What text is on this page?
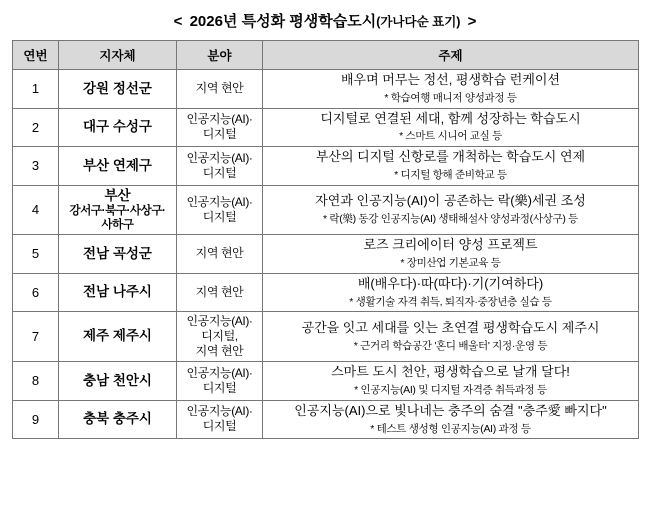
< 2026년 특성화 평생학습도시(가나다순 표기) >
연번	지자체	분야	주제
1	강원 정선군	지역 현안	배우며 머무는 정선, 평생학습 런케이션
* 학습여행 매니저 양성과정 등

2	대구 수성구	인공지능(AI)·
디지털	디지털로 연결된 세대, 함께 성장하는 학습도시
* 스마트 시니어 교실 등

3	부산 연제구	인공지능(AI)·
디지털	부산의 디지털 신항로를 개척하는 학습도시 연제
* 디지털 항해 준비학교 등

4	부산
강서구·북구·사상구·
사하구	인공지능(AI)·
디지털	자연과 인공지능(AI)이 공존하는 락(樂)세권 조성
* 락(樂) 동강 인공지능(AI) 생태해설사 양성과정(사상구) 등

5	전남 곡성군	지역 현안	로즈 크리에이터 양성 프로젝트
* 장미산업 기본교육 등

6	전남 나주시	지역 현안	배(배우다)·따(따다)·기(기여하다)
* 생활기술 자격 취득, 퇴직자·중장년층 실습 등

7	제주 제주시	인공지능(AI)·
디지털,
지역 현안	공간을 잇고 세대를 잇는 초연결 평생학습도시 제주시
* 근거리 학습공간 '혼디 배울터' 지정·운영 등

8	충남 천안시	인공지능(AI)·
디지털	스마트 도시 천안, 평생학습으로 날개 달다!
* 인공지능(AI) 및 디지털 자격증 취득과정 등

9	충북 충주시	인공지능(AI)·
디지털	인공지능(AI)으로 빛나네는 충주의 숨결 "충주愛 빠지다"
* 테스트 생성형 인공지능(AI) 과정 등
